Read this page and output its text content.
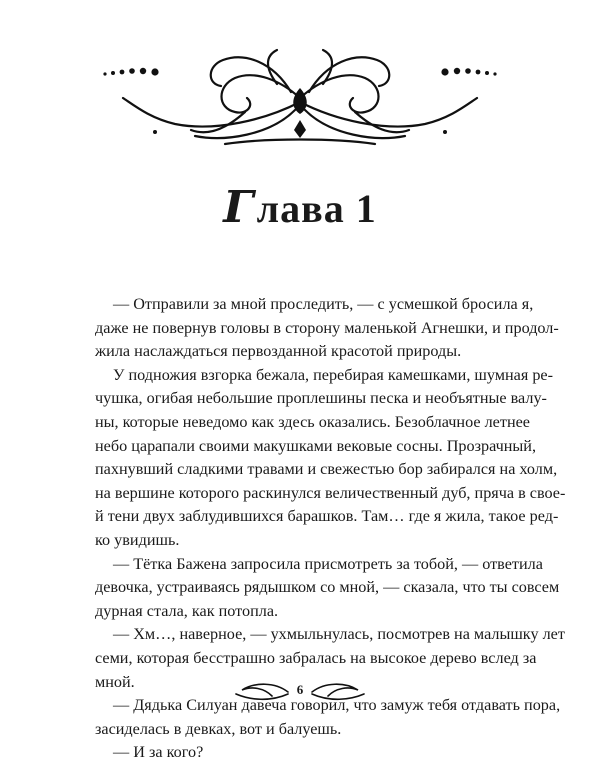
Глава 1
— Отправили за мной проследить, — с усмешкой бросила я,
даже не повернув головы в сторону маленькой Агнешки, и продол-
жила наслаждаться первозданной красотой природы.
У подножия взгорка бежала, перебирая камешками, шумная ре-
чушка, огибая небольшие проплешины песка и необъятные валу-
ны, которые неведомо как здесь оказались. Безоблачное летнее
небо царапали своими макушками вековые сосны. Прозрачный,
пахнувший сладкими травами и свежестью бор забирался на холм,
на вершине которого раскинулся величественный дуб, пряча в свое-
й тени двух заблудившихся барашков. Там… где я жила, такое ред-
ко увидишь.
— Тётка Бажена запросила присмотреть за тобой, — ответила
девочка, устраиваясь рядышком со мной, — сказала, что ты совсем
дурная стала, как потопла.
— Хм…, наверное, — ухмыльнулась, посмотрев на малышку лет
семи, которая бесстрашно забралась на высокое дерево вслед за
мной.
— Дядька Силуан давеча говорил, что замуж тебя отдавать пора,
засиделась в девках, вот и балуешь.
— И за кого?
6
